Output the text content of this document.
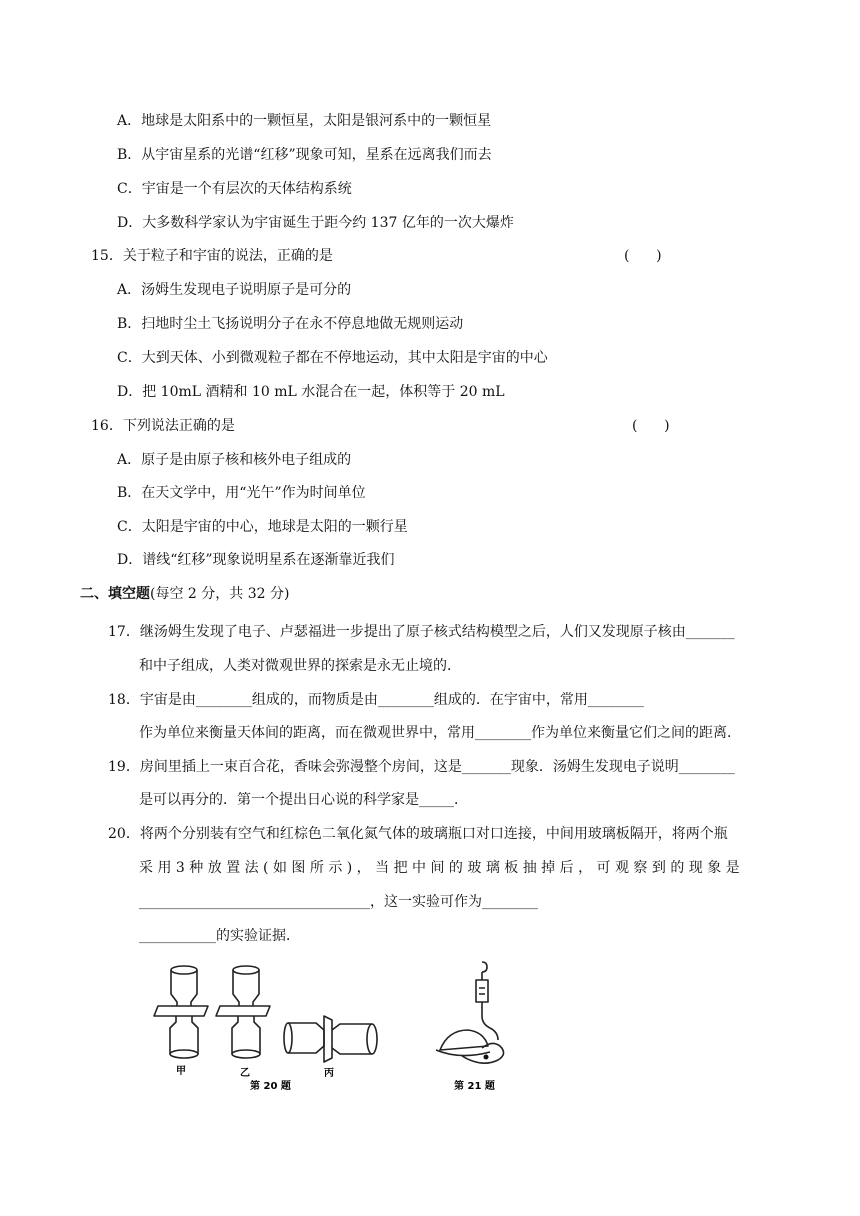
A．地球是太阳系中的一颗恒星，太阳是银河系中的一颗恒星
B．从宇宙星系的光谱“红移”现象可知，星系在远离我们而去
C．宇宙是一个有层次的天体结构系统
D．大多数科学家认为宇宙诞生于距今约 137 亿年的一次大爆炸
15．关于粒子和宇宙的说法，正确的是	(      )
A．汤姆生发现电子说明原子是可分的
B．扫地时尘土飞扬说明分子在永不停息地做无规则运动
C．大到天体、小到微观粒子都在不停地运动，其中太阳是宇宙的中心
D．把 10mL 酒精和 10 mL 水混合在一起，体积等于 20 mL
16．下列说法正确的是	(      )
A．原子是由原子核和核外电子组成的
B．在天文学中，用“光午”作为时间单位
C．太阳是宇宙的中心，地球是太阳的一颗行星
D．谱线“红移”现象说明星系在逐渐靠近我们
二、填空题(每空 2 分，共 32 分)
17．继汤姆生发现了电子、卢瑟福进一步提出了原子核式结构模型之后，人们又发现原子核由_______
和中子组成，人类对微观世界的探索是永无止境的．
18．宇宙是由________组成的，而物质是由________组成的．在宇宙中，常用________
作为单位来衡量天体间的距离，而在微观世界中，常用________作为单位来衡量它们之间的距离．
19．房间里插上一束百合花，香味会弥漫整个房间，这是_______现象．汤姆生发现电子说明________
是可以再分的．第一个提出日心说的科学家是_____．
20．将两个分别装有空气和红棕色二氧化氮气体的玻璃瓶口对口连接，中间用玻璃板隔开，将两个瓶
采 用 3 种 放 置 法 ( 如 图 所 示 ) ， 当 把 中 间 的 玻 璃 板 抽 掉 后 ， 可 观 察 到 的 现 象 是
_________________________________，这一实验可作为________
___________的实验证据．
甲	乙	丙
第 20 题	第 21 题
